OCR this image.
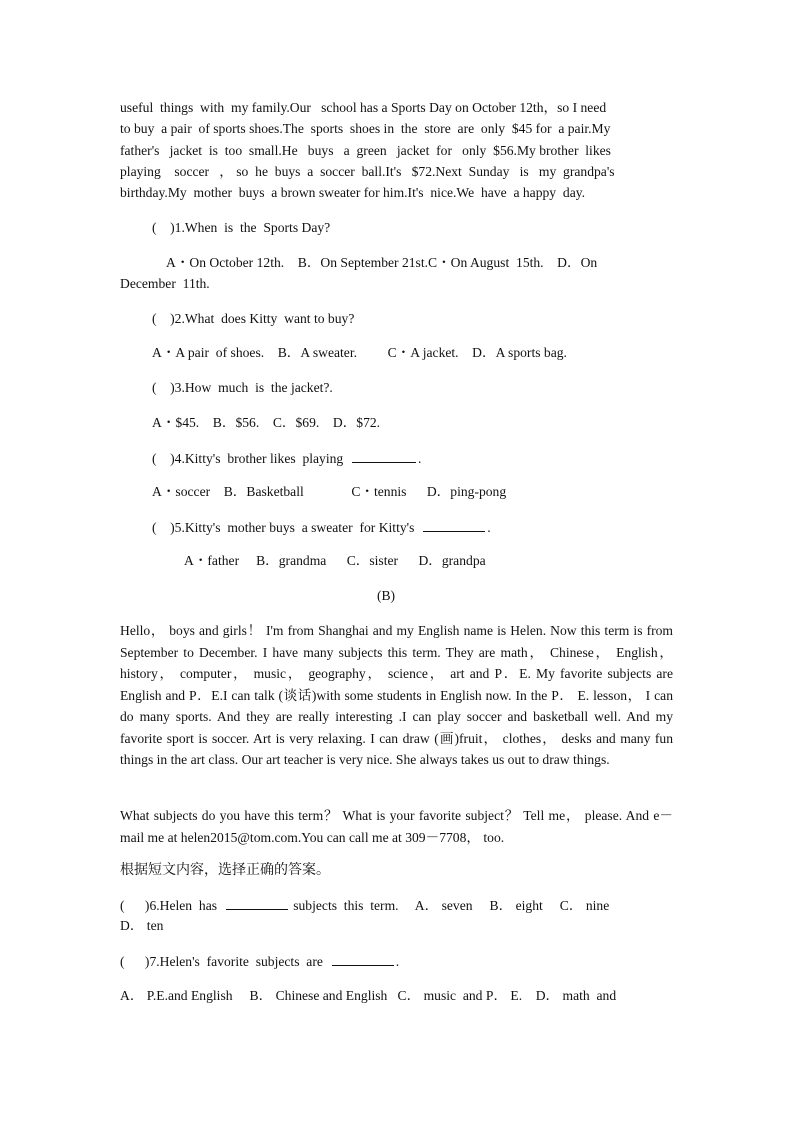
useful  things  with  my family.Our   school has a Sports Day on October 12th，so I need
to buy  a pair  of sports shoes.The  sports  shoes in  the  store  are  only  $45 for  a pair.My
father's   jacket  is  too  small.He   buys   a  green   jacket  for   only  $56.My brother  likes
playing    soccer   ， so  he  buys  a  soccer  ball.It's   $72.Next  Sunday   is   my  grandpa's
birthday.My  mother  buys  a brown sweater for him.It's  nice.We  have  a happy  day.
(    )1.When  is  the  Sports Day?
A・On October 12th.    B．On September 21st.C・On August  15th.    D．On
December  11th.
(    )2.What  does Kitty  want to buy?
A・A pair  of shoes.    B．A sweater.         C・A jacket.    D．A sports bag.
(    )3.How  much  is  the jacket?.
A・$45.    B．$56.    C．$69.    D．$72.
(    )4.Kitty's  brother likes  playing	.
A・soccer    B．Basketball              C・tennis      D．ping-pong
(    )5.Kitty's  mother buys  a sweater  for Kitty's	.
A・father     B．grandma      C．sister      D．grandpa
(B)
Hello， boys and girls！ I'm from Shanghai and my English name is Helen. Now this term is from September to December. I have many subjects this term. They are math， Chinese， English， history， computer， music， geography， science， art and P．E. My favorite subjects are English and P．E.I can talk (谈话)with some students in English now. In the P． E. lesson， I can do many sports. And they are really interesting .I can play soccer and basketball well. And my favorite sport is soccer. Art is very relaxing. I can draw (画)fruit， clothes， desks and many fun things in the art class. Our art teacher is very nice. She always takes us out to draw things.
What subjects do you have this term？ What is your favorite subject？ Tell me， please. And e－mail me at helen2015@tom.com.You can call me at 309－7708， too.
根据短文内容，选择正确的答案。
(      )6.Helen  has	subjects  this  term.     A． seven     B． eight     C． nine
D． ten
(      )7.Helen's  favorite  subjects  are	.
A． P.E.and English     B． Chinese and English   C． music  and P． E.    D． math  and
